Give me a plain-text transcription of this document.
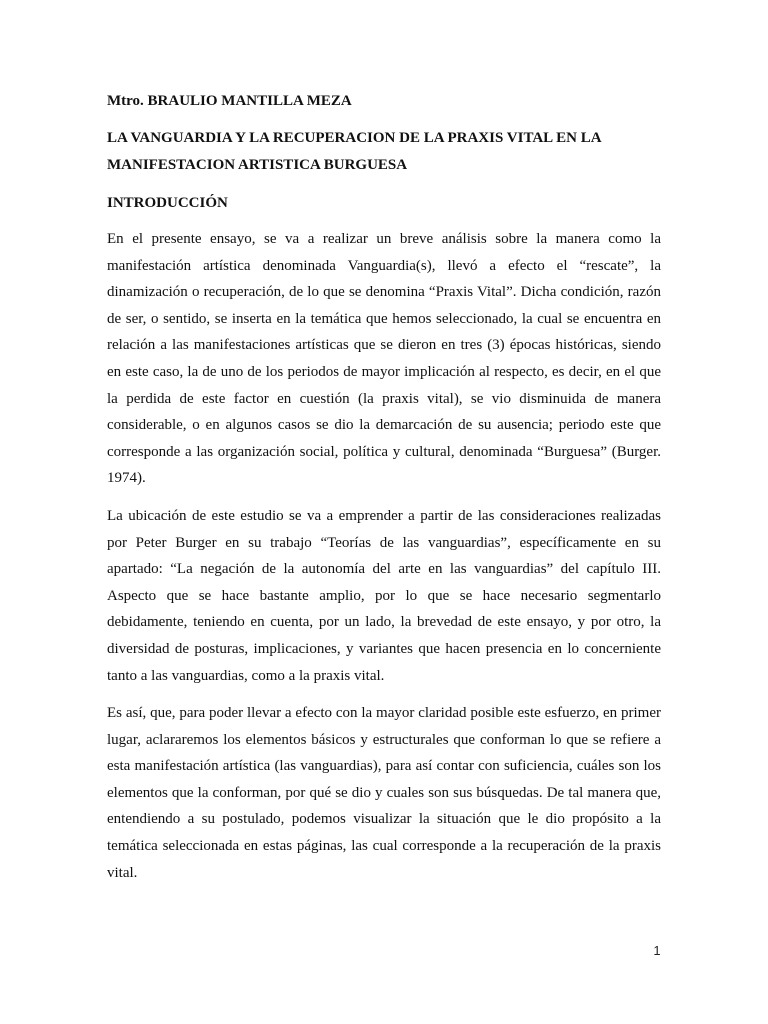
Mtro. BRAULIO MANTILLA MEZA

LA VANGUARDIA Y LA RECUPERACION DE LA PRAXIS VITAL EN LA MANIFESTACION ARTISTICA BURGUESA

INTRODUCCIÓN

En el presente ensayo, se va a realizar un breve análisis sobre la manera como la manifestación artística denominada Vanguardia(s), llevó a efecto el “rescate”, la dinamización o recuperación, de lo que se denomina “Praxis Vital”. Dicha condición, razón de ser, o sentido, se inserta en la temática que hemos seleccionado, la cual se encuentra en relación a las manifestaciones artísticas que se dieron en tres (3) épocas históricas, siendo en este caso, la de uno de los periodos de mayor implicación al respecto, es decir, en el que la perdida de este factor en cuestión (la praxis vital), se vio disminuida de manera considerable, o en algunos casos se dio la demarcación de su ausencia; periodo este que corresponde a las organización social, política y cultural, denominada “Burguesa” (Burger. 1974).

La ubicación de este estudio se va a emprender a partir de las consideraciones realizadas por Peter Burger en su trabajo “Teorías de las vanguardias”, específicamente en su apartado: “La negación de la autonomía del arte en las vanguardias” del capítulo III. Aspecto que se hace bastante amplio, por lo que se hace necesario segmentarlo debidamente, teniendo en cuenta, por un lado, la brevedad de este ensayo, y por otro, la diversidad de posturas, implicaciones, y variantes que hacen presencia en lo concerniente tanto a las vanguardias, como a la praxis vital.

Es así, que, para poder llevar a efecto con la mayor claridad posible este esfuerzo, en primer lugar, aclararemos los elementos básicos y estructurales que conforman lo que se refiere a esta manifestación artística (las vanguardias), para así contar con suficiencia, cuáles son los elementos que la conforman, por qué se dio y cuales son sus búsquedas. De tal manera que, entendiendo a su postulado, podemos visualizar la situación que le dio propósito a la temática seleccionada en estas páginas, las cual corresponde a la recuperación de la praxis vital.

1
